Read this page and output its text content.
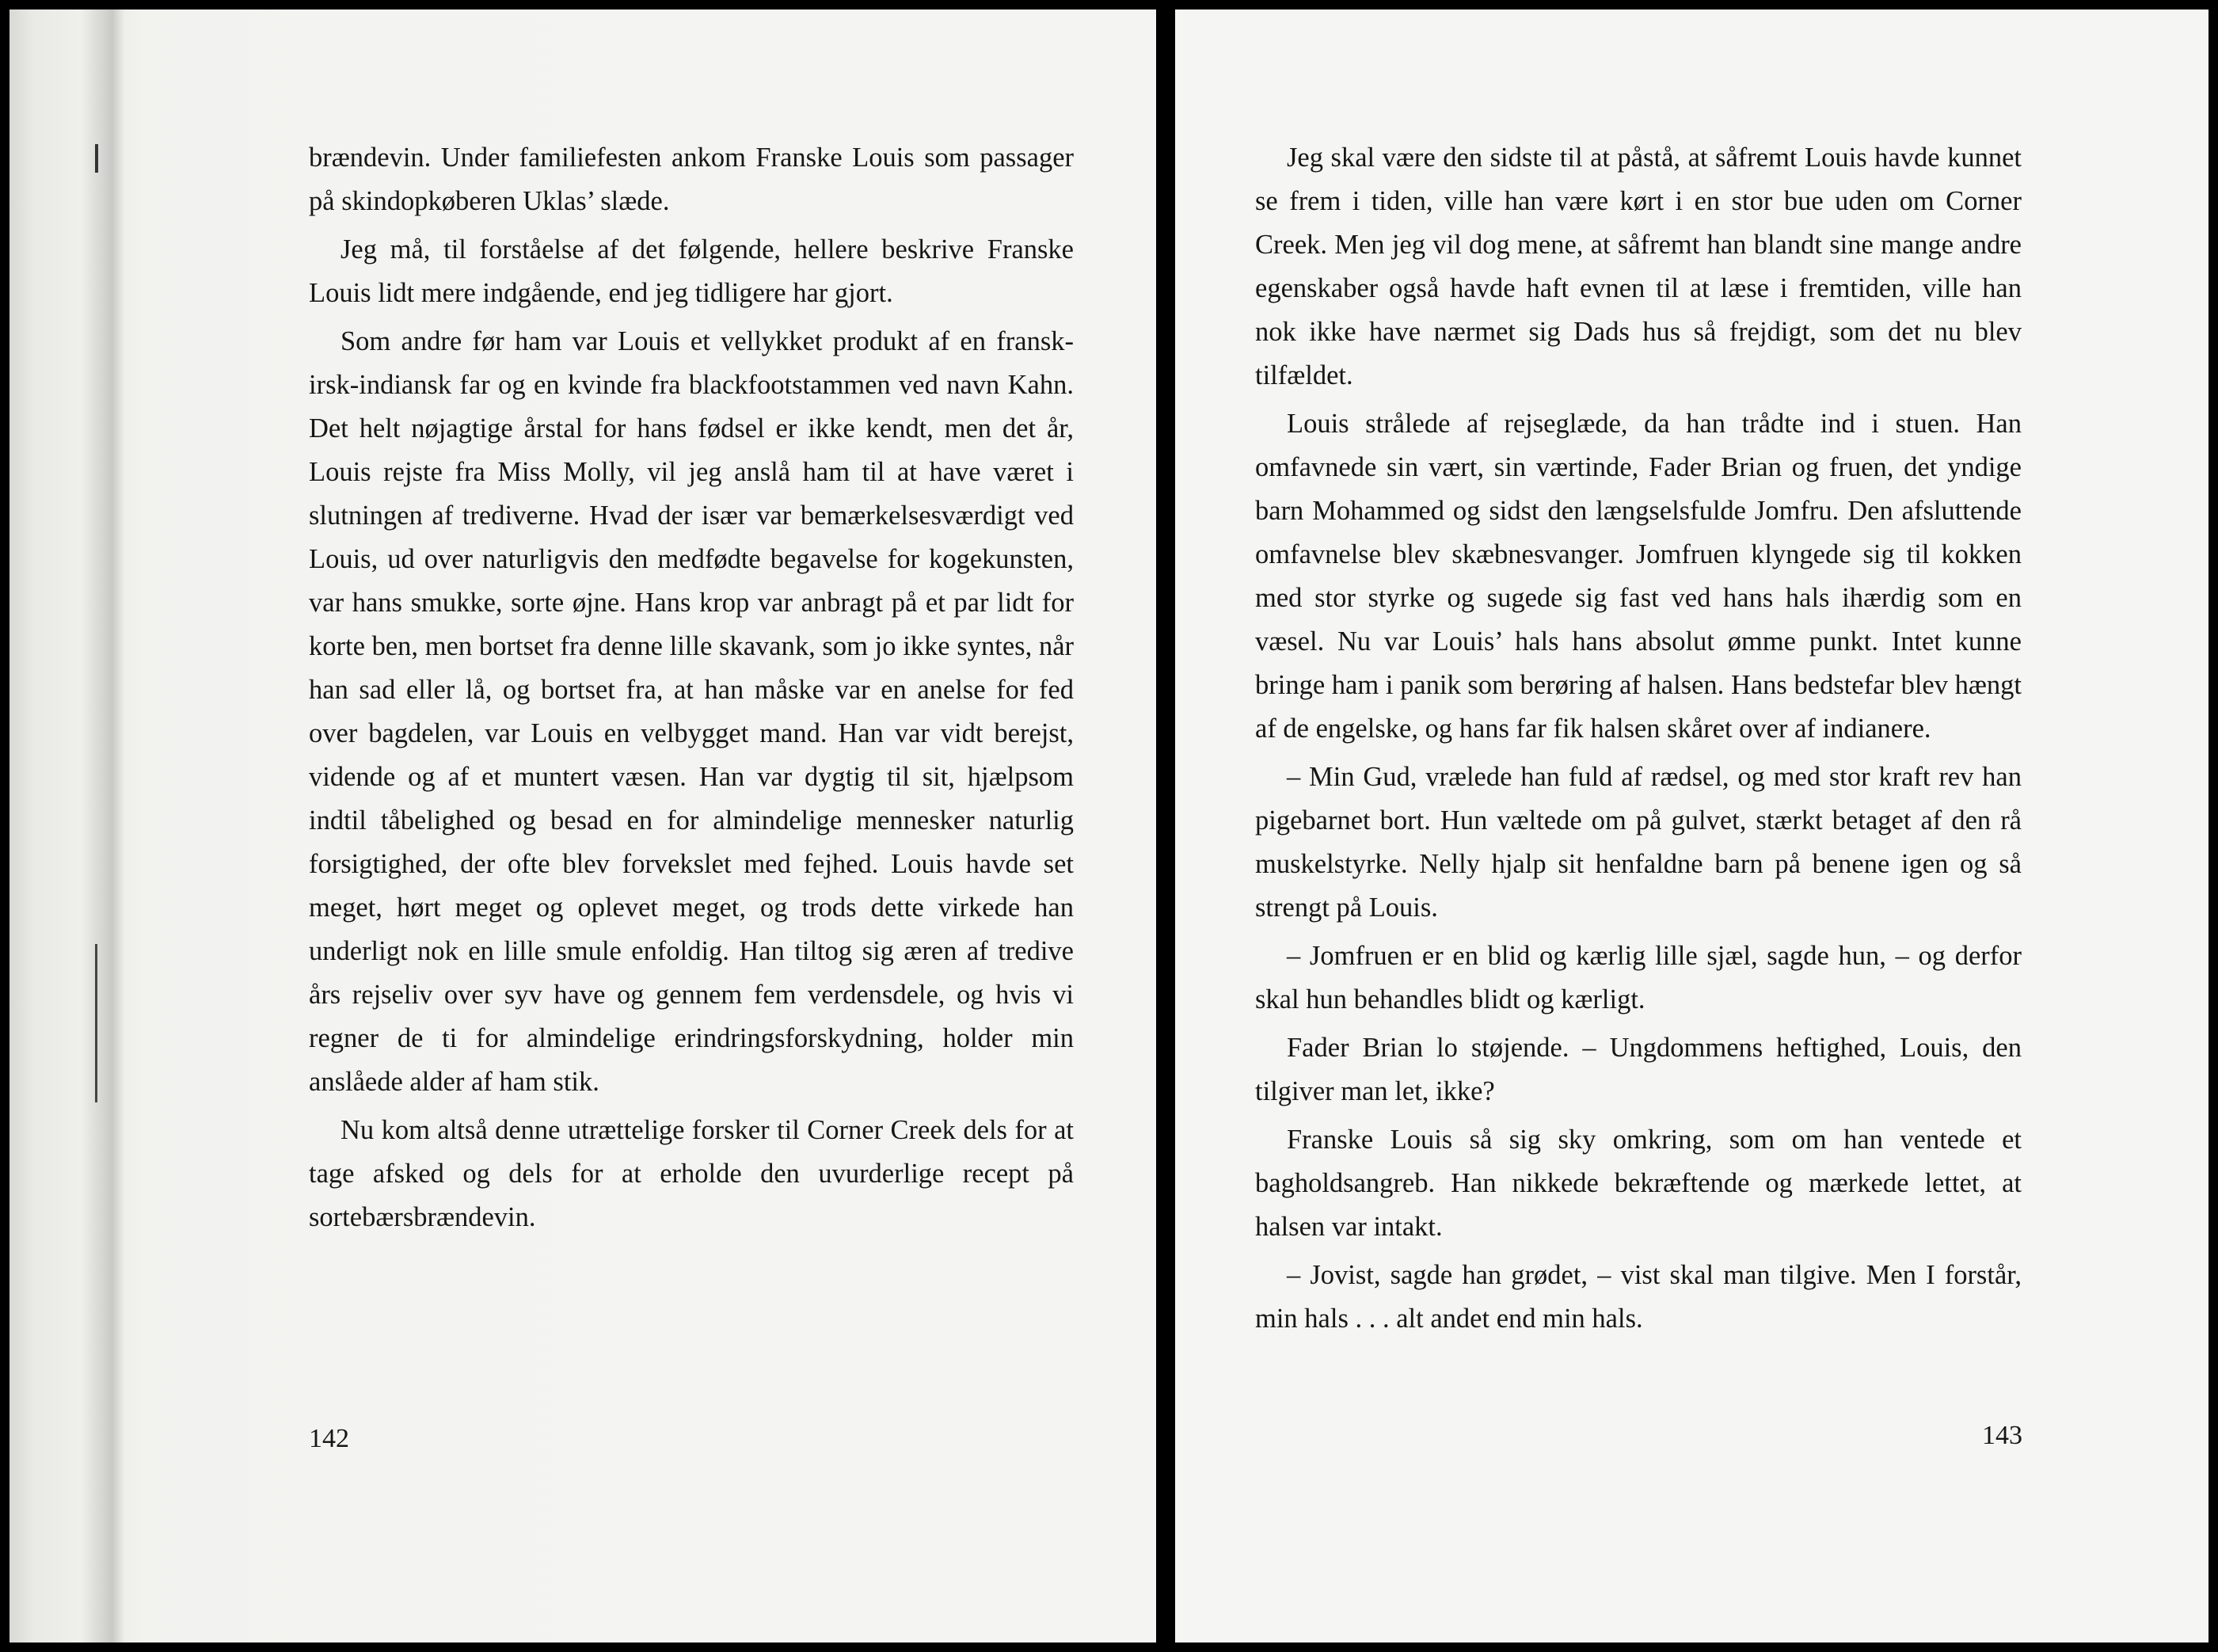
brændevin. Under familiefesten ankom Franske Louis som passager på skindopkøberen Uklas’ slæde.

Jeg må, til forståelse af det følgende, hellere beskrive Franske Louis lidt mere indgående, end jeg tidligere har gjort.

Som andre før ham var Louis et vellykket produkt af en fransk-irsk-indiansk far og en kvinde fra blackfootstammen ved navn Kahn. Det helt nøjagtige årstal for hans fødsel er ikke kendt, men det år, Louis rejste fra Miss Molly, vil jeg anslå ham til at have været i slutningen af trediverne. Hvad der især var bemærkelsesværdigt ved Louis, ud over naturligvis den medfødte begavelse for kogekunsten, var hans smukke, sorte øjne. Hans krop var anbragt på et par lidt for korte ben, men bortset fra denne lille skavank, som jo ikke syntes, når han sad eller lå, og bortset fra, at han måske var en anelse for fed over bagdelen, var Louis en velbygget mand. Han var vidt berejst, vidende og af et muntert væsen. Han var dygtig til sit, hjælpsom indtil tåbelighed og besad en for almindelige mennesker naturlig forsigtighed, der ofte blev forvekslet med fejhed. Louis havde set meget, hørt meget og oplevet meget, og trods dette virkede han underligt nok en lille smule enfoldig. Han tiltog sig æren af tredive års rejseliv over syv have og gennem fem verdensdele, og hvis vi regner de ti for almindelige erindringsforskydning, holder min anslåede alder af ham stik.

Nu kom altså denne utrættelige forsker til Corner Creek dels for at tage afsked og dels for at erholde den uvurderlige recept på sortebærsbrændevin.

142

Jeg skal være den sidste til at påstå, at såfremt Louis havde kunnet se frem i tiden, ville han være kørt i en stor bue uden om Corner Creek. Men jeg vil dog mene, at såfremt han blandt sine mange andre egenskaber også havde haft evnen til at læse i fremtiden, ville han nok ikke have nærmet sig Dads hus så frejdigt, som det nu blev tilfældet.

Louis strålede af rejseglæde, da han trådte ind i stuen. Han omfavnede sin vært, sin værtinde, Fader Brian og fruen, det yndige barn Mohammed og sidst den længselsfulde Jomfru. Den afsluttende omfavnelse blev skæbnesvanger. Jomfruen klyngede sig til kokken med stor styrke og sugede sig fast ved hans hals ihærdig som en væsel. Nu var Louis’ hals hans absolut ømme punkt. Intet kunne bringe ham i panik som berøring af halsen. Hans bedstefar blev hængt af de engelske, og hans far fik halsen skåret over af indianere.

– Min Gud, vrælede han fuld af rædsel, og med stor kraft rev han pigebarnet bort. Hun væltede om på gulvet, stærkt betaget af den rå muskelstyrke. Nelly hjalp sit henfaldne barn på benene igen og så strengt på Louis.

– Jomfruen er en blid og kærlig lille sjæl, sagde hun, – og derfor skal hun behandles blidt og kærligt.

Fader Brian lo støjende. – Ungdommens heftighed, Louis, den tilgiver man let, ikke?

Franske Louis så sig sky omkring, som om han ventede et bagholdsangreb. Han nikkede bekræftende og mærkede lettet, at halsen var intakt.

– Jovist, sagde han grødet, – vist skal man tilgive. Men I forstår, min hals . . . alt andet end min hals.

143
